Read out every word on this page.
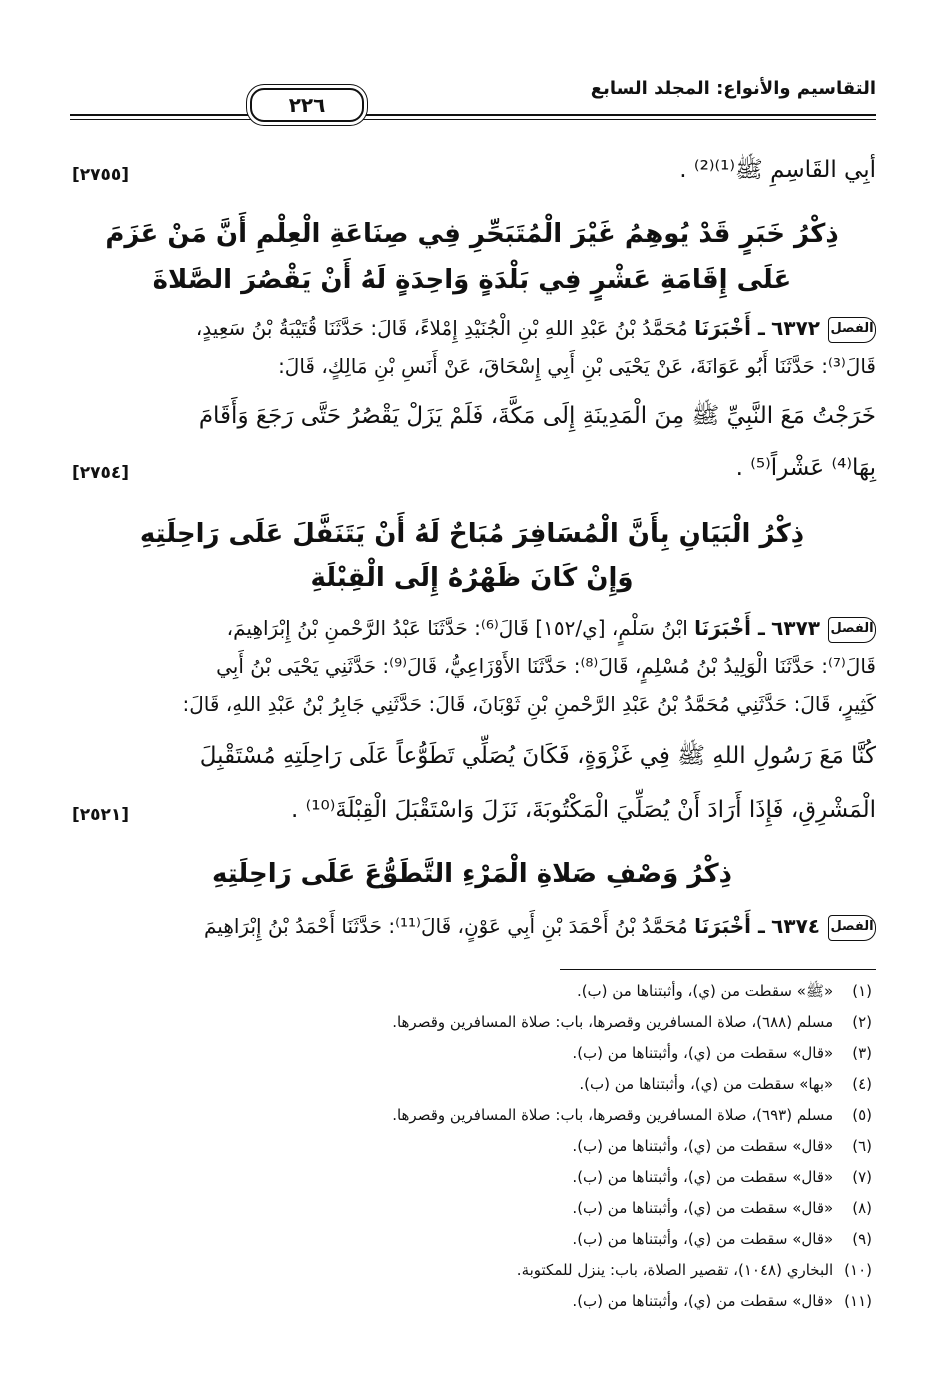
التقاسيم والأنواع: المجلد السابع
٢٢٦
أبِي القَاسِمِ ﷺ⁽¹⁾⁽²⁾ .
[٢٧٥٥]
ذِكْرُ خَبَرٍ قَدْ يُوهِمُ غَيْرَ الْمُتَبَحِّرِ فِي صِنَاعَةِ الْعِلْمِ أَنَّ مَنْ عَزَمَ
عَلَى إِقَامَةِ عَشْرٍ فِي بَلْدَةٍ وَاحِدَةٍ لَهُ أَنْ يَقْصُرَ الصَّلاةَ
الفصل٦٣٧٢ ـ أَخْبَرَنَا مُحَمَّدُ بْنُ عَبْدِ اللهِ بْنِ الْجُنَيْدِ إِمْلاءً، قَالَ: حَدَّثَنَا قُتَيْبَةُ بْنُ سَعِيدٍ،
قَالَ⁽³⁾: حَدَّثَنَا أَبُو عَوَانَةَ، عَنْ يَحْيَى بْنِ أَبِي إِسْحَاقَ، عَنْ أَنَسِ بْنِ مَالِكٍ، قَالَ:
خَرَجْتُ مَعَ النَّبِيِّ ﷺ مِنَ الْمَدِينَةِ إِلَى مَكَّةَ، فَلَمْ يَزَلْ يَقْصُرُ حَتَّى رَجَعَ وَأَقَامَ
بِهَا⁽⁴⁾ عَشْراً⁽⁵⁾ .
[٢٧٥٤]
ذِكْرُ الْبَيَانِ بِأَنَّ الْمُسَافِرَ مُبَاحٌ لَهُ أَنْ يَتَنَفَّلَ عَلَى رَاحِلَتِهِ
وَإِنْ كَانَ ظَهْرُهُ إِلَى الْقِبْلَةِ
الفصل٦٣٧٣ ـ أَخْبَرَنَا ابْنُ سَلْمٍ، [ي/١٥٢] قَالَ⁽⁶⁾: حَدَّثَنَا عَبْدُ الرَّحْمنِ بْنُ إِبْرَاهِيمَ،
قَالَ⁽⁷⁾: حَدَّثَنَا الْوَلِيدُ بْنُ مُسْلِمٍ، قَالَ⁽⁸⁾: حَدَّثَنَا الأَوْزَاعِيُّ، قَالَ⁽⁹⁾: حَدَّثَنِي يَحْيَى بْنُ أَبِي
كَثِيرٍ، قَالَ: حَدَّثَنِي مُحَمَّدُ بْنُ عَبْدِ الرَّحْمنِ بْنِ ثَوْبَانَ، قَالَ: حَدَّثَنِي جَابِرُ بْنُ عَبْدِ اللهِ، قَالَ:
كُنَّا مَعَ رَسُولِ اللهِ ﷺ فِي غَزْوَةٍ، فَكَانَ يُصَلِّي تَطَوُّعاً عَلَى رَاحِلَتِهِ مُسْتَقْبِلَ
الْمَشْرِقِ، فَإِذَا أَرَادَ أَنْ يُصَلِّيَ الْمَكْتُوبَةَ، نَزَلَ وَاسْتَقْبَلَ الْقِبْلَةَ⁽¹⁰⁾ .
[٢٥٢١]
ذِكْرُ وَصْفِ صَلاةِ الْمَرْءِ التَّطَوُّعَ عَلَى رَاحِلَتِهِ
الفصل٦٣٧٤ ـ أَخْبَرَنَا مُحَمَّدُ بْنُ أَحْمَدَ بْنِ أَبِي عَوْنٍ، قَالَ⁽¹¹⁾: حَدَّثَنَا أَحْمَدُ بْنُ إِبْرَاهِيمَ
(١) «ﷺ» سقطت من (ي)، وأثبتناها من (ب).
(٢) مسلم (٦٨٨)، صلاة المسافرين وقصرها، باب: صلاة المسافرين وقصرها.
(٣) «قال» سقطت من (ي)، وأثبتناها من (ب).
(٤) «بها» سقطت من (ي)، وأثبتناها من (ب).
(٥) مسلم (٦٩٣)، صلاة المسافرين وقصرها، باب: صلاة المسافرين وقصرها.
(٦) «قال» سقطت من (ي)، وأثبتناها من (ب).
(٧) «قال» سقطت من (ي)، وأثبتناها من (ب).
(٨) «قال» سقطت من (ي)، وأثبتناها من (ب).
(٩) «قال» سقطت من (ي)، وأثبتناها من (ب).
(١٠) البخاري (١٠٤٨)، تقصير الصلاة، باب: ينزل للمكتوبة.
(١١) «قال» سقطت من (ي)، وأثبتناها من (ب).
